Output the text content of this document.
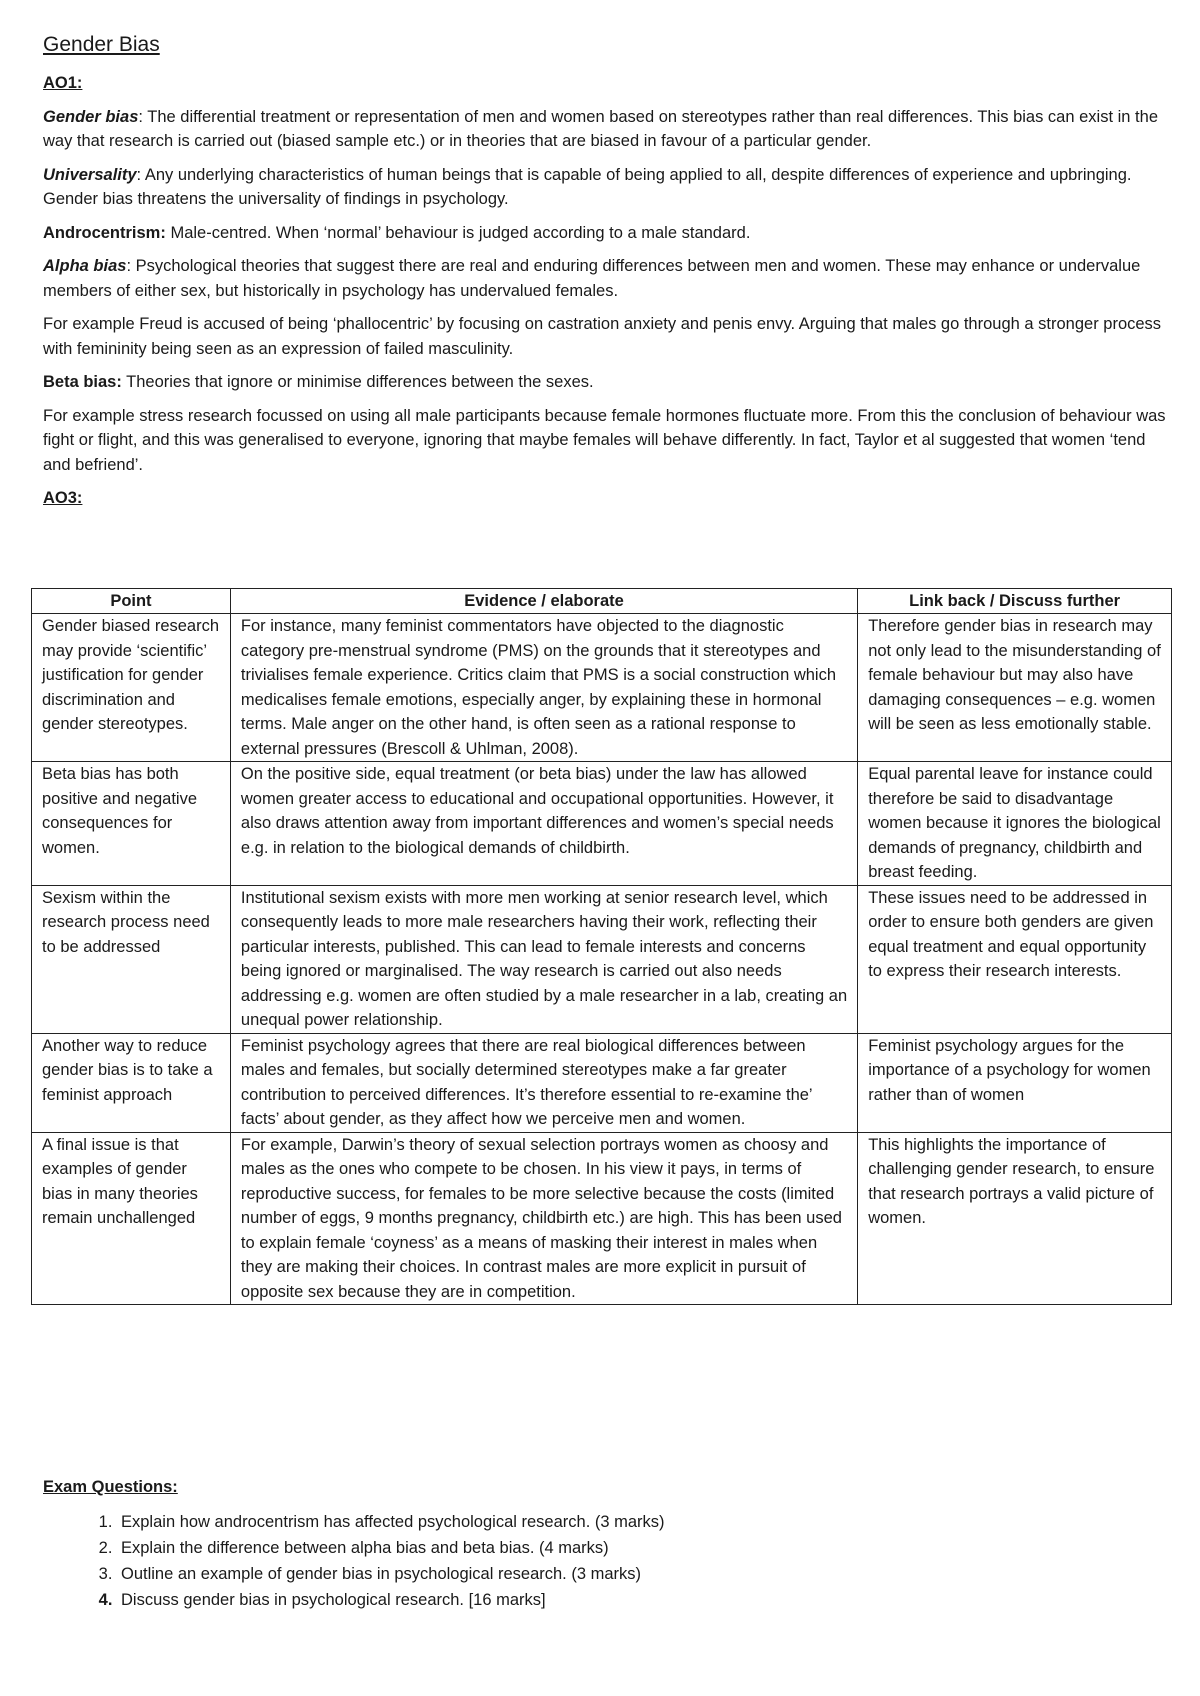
Gender Bias
AO1:

Gender bias: The differential treatment or representation of men and women based on stereotypes rather than real differences. This bias can exist in the way that research is carried out (biased sample etc.) or in theories that are biased in favour of a particular gender.

Universality: Any underlying characteristics of human beings that is capable of being applied to all, despite differences of experience and upbringing. Gender bias threatens the universality of findings in psychology.

Androcentrism: Male-centred. When ‘normal’ behaviour is judged according to a male standard.

Alpha bias: Psychological theories that suggest there are real and enduring differences between men and women. These may enhance or undervalue members of either sex, but historically in psychology has undervalued females.

For example Freud is accused of being ‘phallocentric’ by focusing on castration anxiety and penis envy. Arguing that males go through a stronger process with femininity being seen as an expression of failed masculinity.

Beta bias: Theories that ignore or minimise differences between the sexes.

For example stress research focussed on using all male participants because female hormones fluctuate more. From this the conclusion of behaviour was fight or flight, and this was generalised to everyone, ignoring that maybe females will behave differently. In fact, Taylor et al suggested that women ‘tend and befriend’.

AO3:
Point	Evidence / elaborate	Link back / Discuss further
Gender biased research may provide ‘scientific’ justification for gender discrimination and gender stereotypes.	For instance, many feminist commentators have objected to the diagnostic category pre-menstrual syndrome (PMS) on the grounds that it stereotypes and trivialises female experience. Critics claim that PMS is a social construction which medicalises female emotions, especially anger, by explaining these in hormonal terms. Male anger on the other hand, is often seen as a rational response to external pressures (Brescoll & Uhlman, 2008).	Therefore gender bias in research may not only lead to the misunderstanding of female behaviour but may also have damaging consequences – e.g. women will be seen as less emotionally stable.
Beta bias has both positive and negative consequences for women.	On the positive side, equal treatment (or beta bias) under the law has allowed women greater access to educational and occupational opportunities. However, it also draws attention away from important differences and women’s special needs e.g. in relation to the biological demands of childbirth.	Equal parental leave for instance could therefore be said to disadvantage women because it ignores the biological demands of pregnancy, childbirth and breast feeding.
Sexism within the research process need to be addressed	Institutional sexism exists with more men working at senior research level, which consequently leads to more male researchers having their work, reflecting their particular interests, published. This can lead to female interests and concerns being ignored or marginalised. The way research is carried out also needs addressing e.g. women are often studied by a male researcher in a lab, creating an unequal power relationship.	These issues need to be addressed in order to ensure both genders are given equal treatment and equal opportunity to express their research interests.
Another way to reduce gender bias is to take a feminist approach	Feminist psychology agrees that there are real biological differences between males and females, but socially determined stereotypes make a far greater contribution to perceived differences. It’s therefore essential to re-examine the’ facts’ about gender, as they affect how we perceive men and women.	Feminist psychology argues for the importance of a psychology for women rather than of women
A final issue is that examples of gender bias in many theories remain unchallenged	For example, Darwin’s theory of sexual selection portrays women as choosy and males as the ones who compete to be chosen. In his view it pays, in terms of reproductive success, for females to be more selective because the costs (limited number of eggs, 9 months pregnancy, childbirth etc.) are high. This has been used to explain female ‘coyness’ as a means of masking their interest in males when they are making their choices. In contrast males are more explicit in pursuit of opposite sex because they are in competition.	This highlights the importance of challenging gender research, to ensure that research portrays a valid picture of women.
Exam Questions:
1. Explain how androcentrism has affected psychological research. (3 marks)
2. Explain the difference between alpha bias and beta bias. (4 marks)
3. Outline an example of gender bias in psychological research. (3 marks)
4. Discuss gender bias in psychological research. [16 marks]
